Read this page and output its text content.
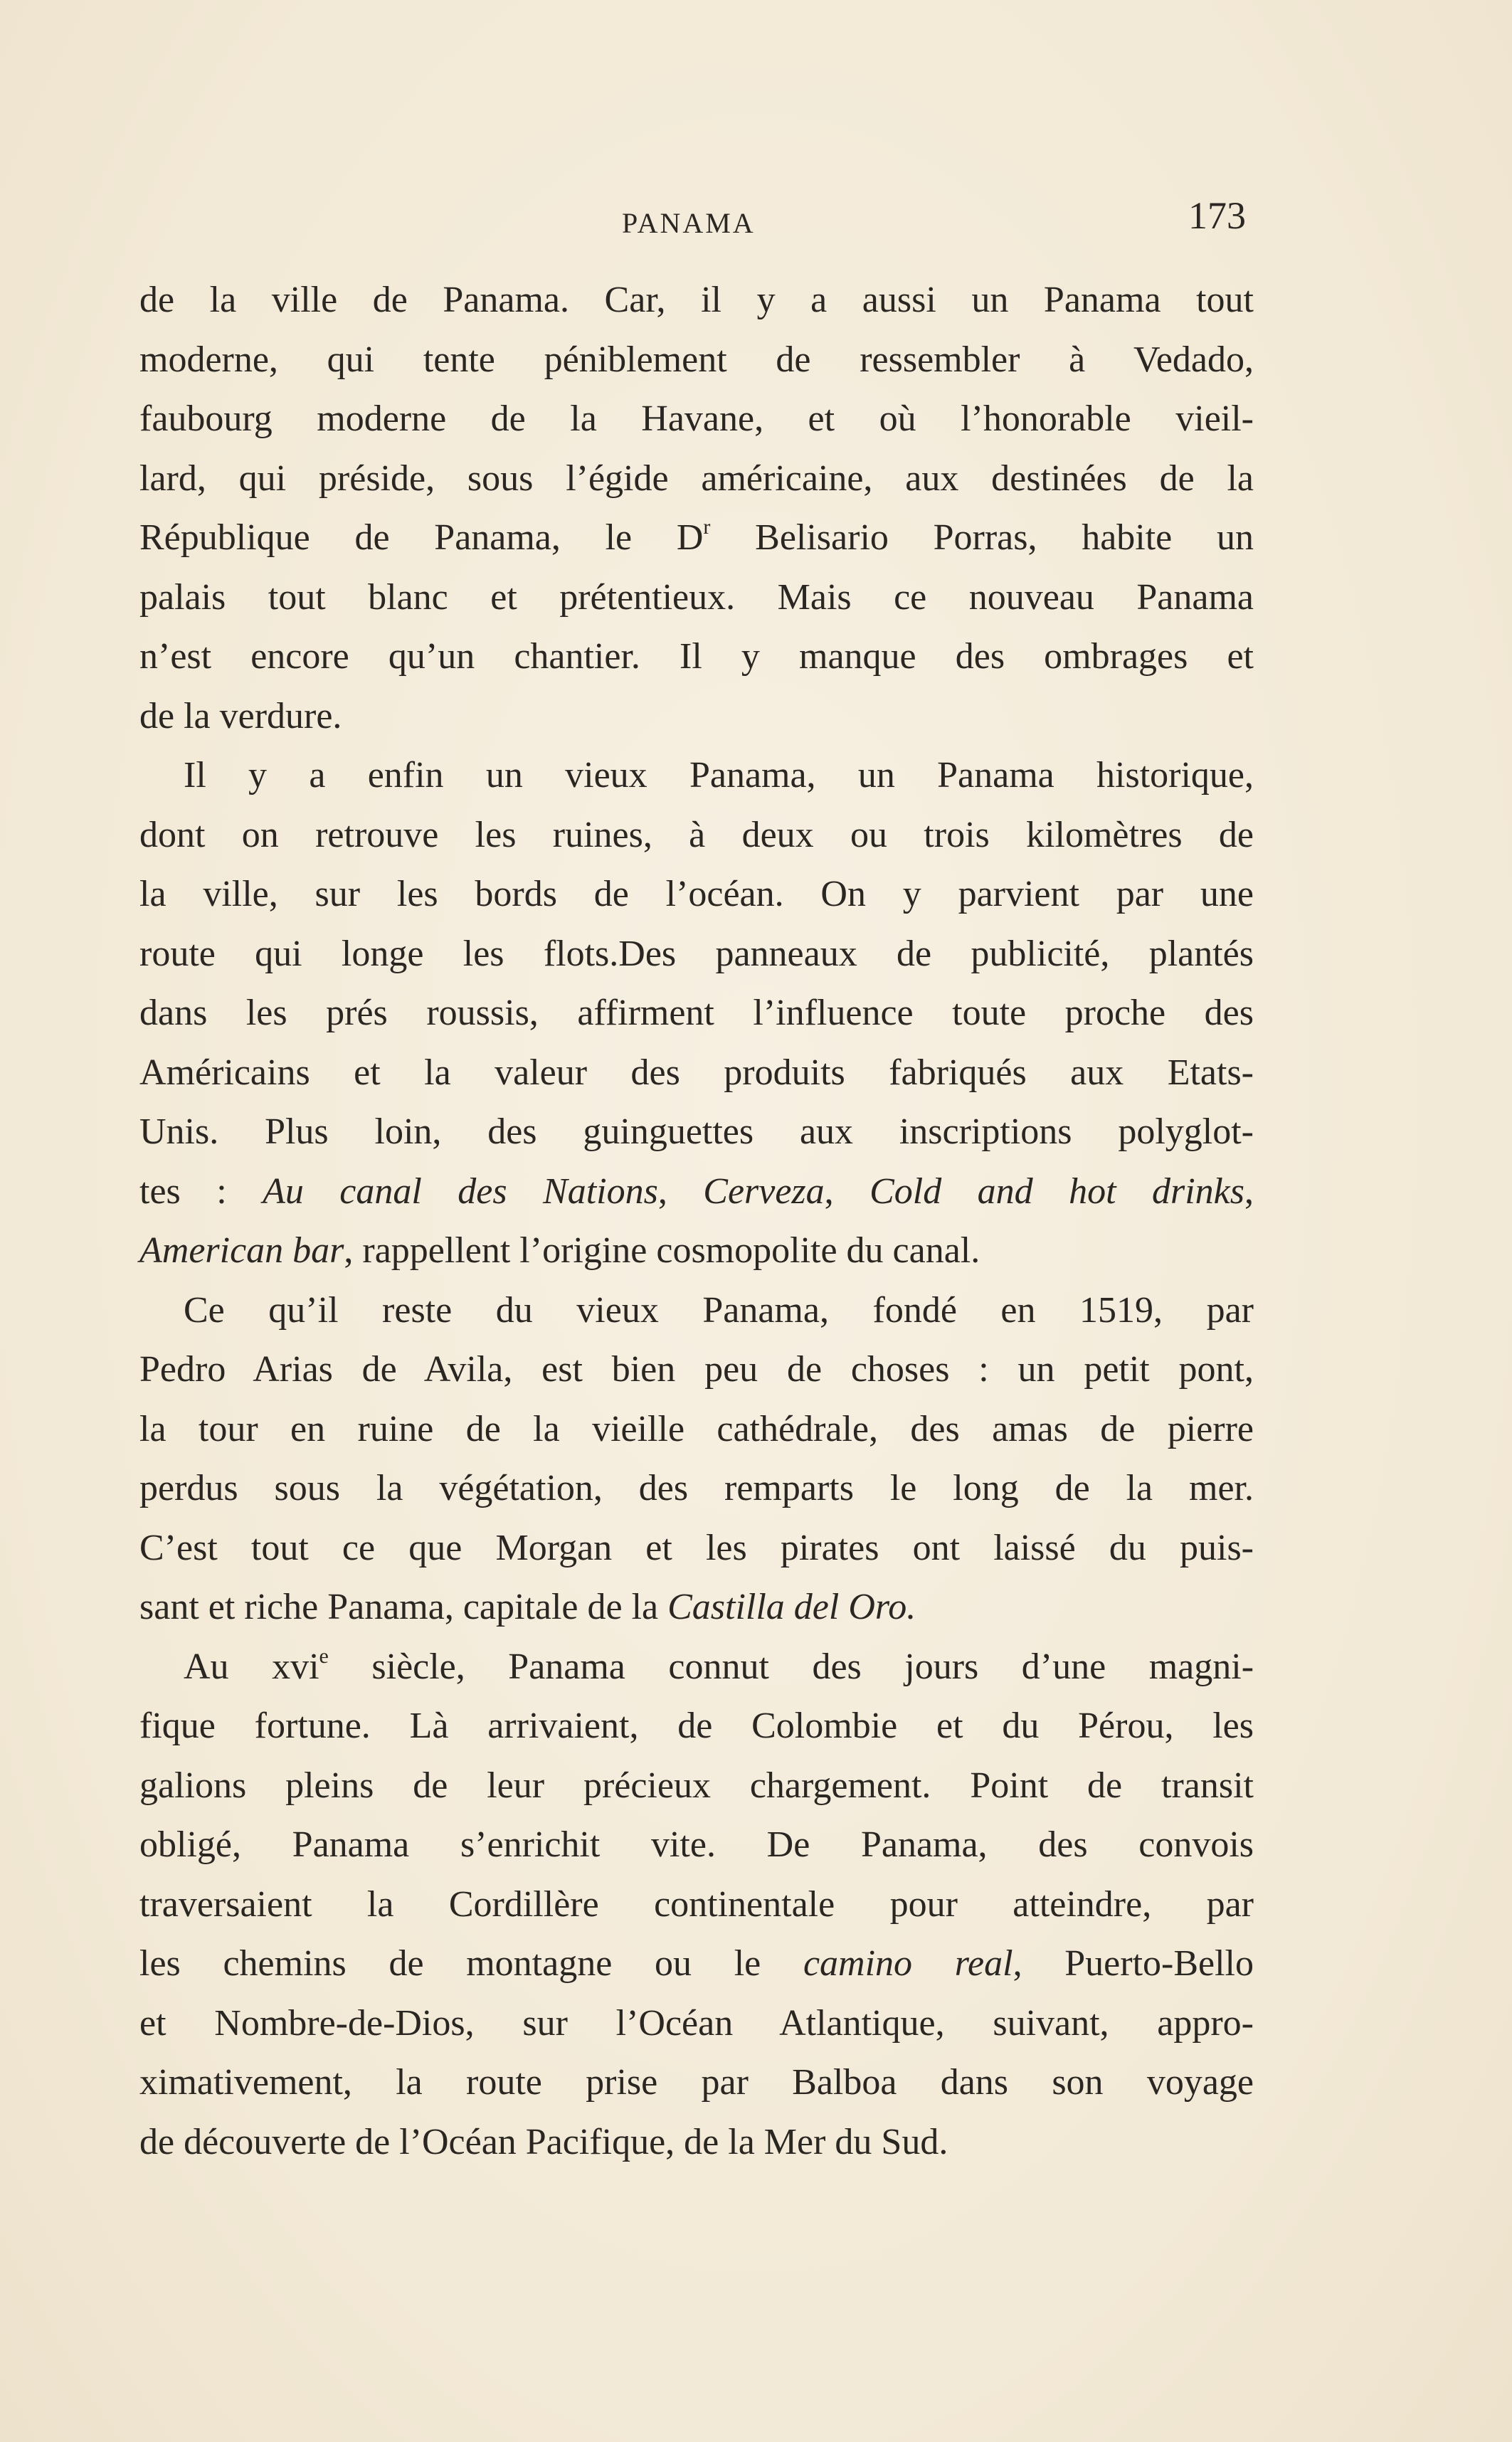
PANAMA	173
de la ville de Panama. Car, il y a aussi un Panama tout
moderne, qui tente péniblement de ressembler à Vedado,
faubourg moderne de la Havane, et où l’honorable vieil-
lard, qui préside, sous l’égide américaine, aux destinées de la
République de Panama, le $D^r$ Belisario Porras, habite un
palais tout blanc et prétentieux. Mais ce nouveau Panama
n’est encore qu’un chantier. Il y manque des ombrages et
de la verdure.
Il y a enfin un vieux Panama, un Panama historique,
dont on retrouve les ruines, à deux ou trois kilomètres de
la ville, sur les bords de l’océan. On y parvient par une
route qui longe les flots.Des panneaux de publicité, plantés
dans les prés roussis, affirment l’influence toute proche des
Américains et la valeur des produits fabriqués aux Etats-
Unis. Plus loin, des guinguettes aux inscriptions polyglot-
tes : Au canal des Nations, Cerveza, Cold and hot drinks,
American bar, rappellent l’origine cosmopolite du canal.
Ce qu’il reste du vieux Panama, fondé en 1519, par
Pedro Arias de Avila, est bien peu de choses : un petit pont,
la tour en ruine de la vieille cathédrale, des amas de pierre
perdus sous la végétation, des remparts le long de la mer.
C’est tout ce que Morgan et les pirates ont laissé du puis-
sant et riche Panama, capitale de la Castilla del Oro.
Au xvi$^e$ siècle, Panama connut des jours d’une magni-
fique fortune. Là arrivaient, de Colombie et du Pérou, les
galions pleins de leur précieux chargement. Point de transit
obligé, Panama s’enrichit vite. De Panama, des convois
traversaient la Cordillère continentale pour atteindre, par
les chemins de montagne ou le camino real, Puerto-Bello
et Nombre-de-Dios, sur l’Océan Atlantique, suivant, appro-
ximativement, la route prise par Balboa dans son voyage
de découverte de l’Océan Pacifique, de la Mer du Sud.
